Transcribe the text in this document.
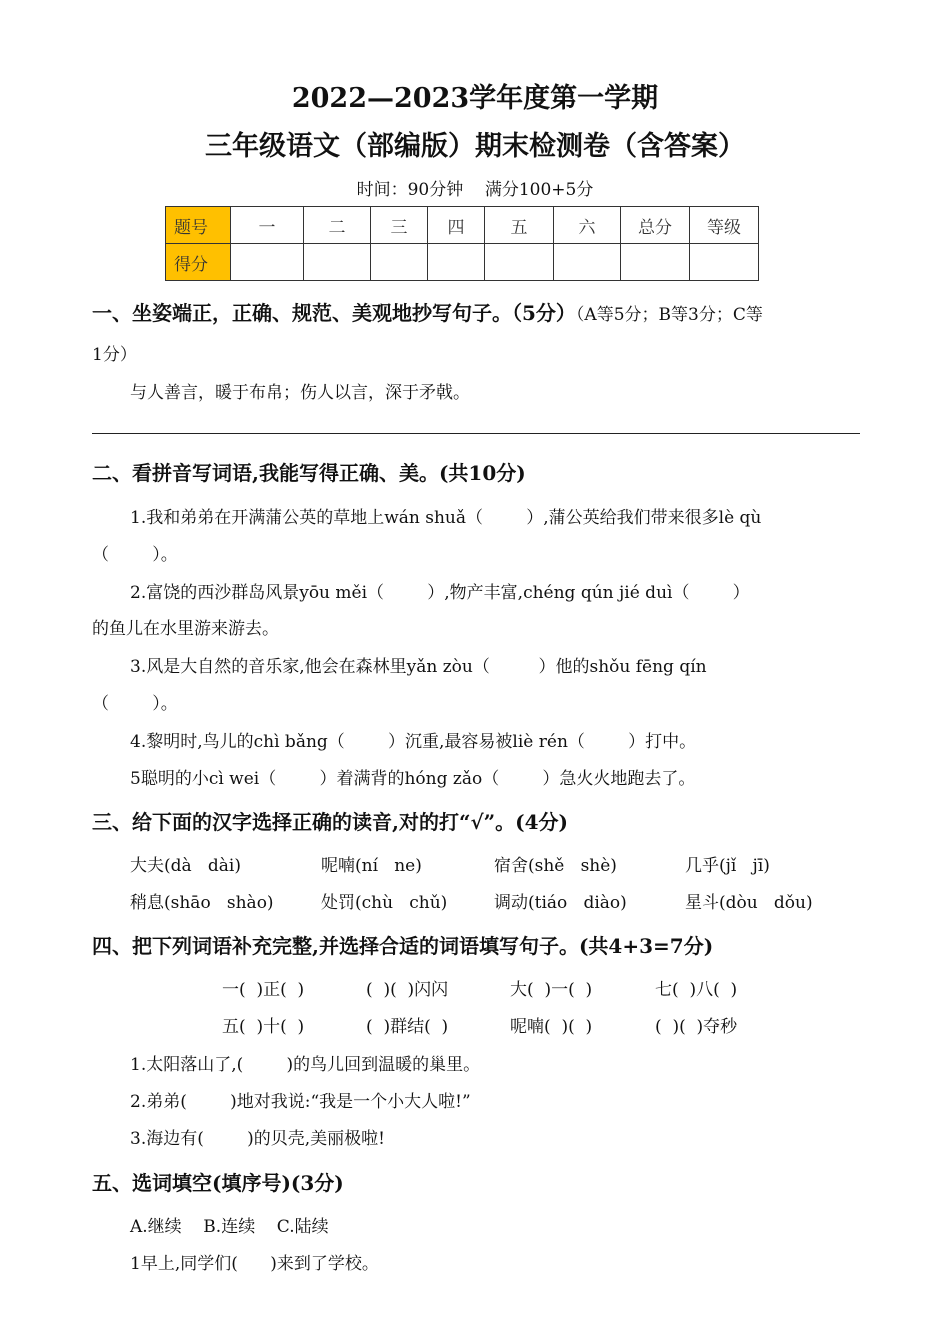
2022—2023学年度第一学期
三年级语文（部编版）期末检测卷（含答案）
时间：90分钟    满分100+5分
题号	一	二	三	四	五	六	总分	等级
得分								
一、坐姿端正，正确、规范、美观地抄写句子。（5分）（A等5分；B等3分；C等
1分）
与人善言，暖于布帛；伤人以言，深于矛戟。
二、看拼音写词语,我能写得正确、美。(共10分)
1.我和弟弟在开满蒲公英的草地上wán shuǎ（        ）,蒲公英给我们带来很多lè qù
（        ）。
2.富饶的西沙群岛风景yōu měi（        ）,物产丰富,chéng qún jié duì（        ）
的鱼儿在水里游来游去。
3.风是大自然的音乐家,他会在森林里yǎn zòu（         ）他的shǒu fēng qín
（        ）。
4.黎明时,鸟儿的chì bǎng（        ）沉重,最容易被liè rén（        ）打中。
5聪明的小cì wei（        ）着满背的hóng zǎo（        ）急火火地跑去了。
三、给下面的汉字选择正确的读音,对的打“√”。(4分)
大夫(dà   dài)	呢喃(ní   ne)	宿舍(shě   shè)	几乎(jǐ   jī)
稍息(shāo   shào)	处罚(chù   chǔ)	调动(tiáo   diào)	星斗(dòu   dǒu)
四、把下列词语补充完整,并选择合适的词语填写句子。(共4+3=7分)
一(  )正(  )	(  )(  )闪闪	大(  )一(  )	七(  )八(  )
五(  )十(  )	(  )群结(  )	呢喃(  )(  )	(  )(  )夺秒
1.太阳落山了,(        )的鸟儿回到温暖的巢里。
2.弟弟(        )地对我说:“我是一个小大人啦!”
3.海边有(        )的贝壳,美丽极啦!
五、选词填空(填序号)(3分)
A.继续    B.连续    C.陆续
1早上,同学们(      )来到了学校。
